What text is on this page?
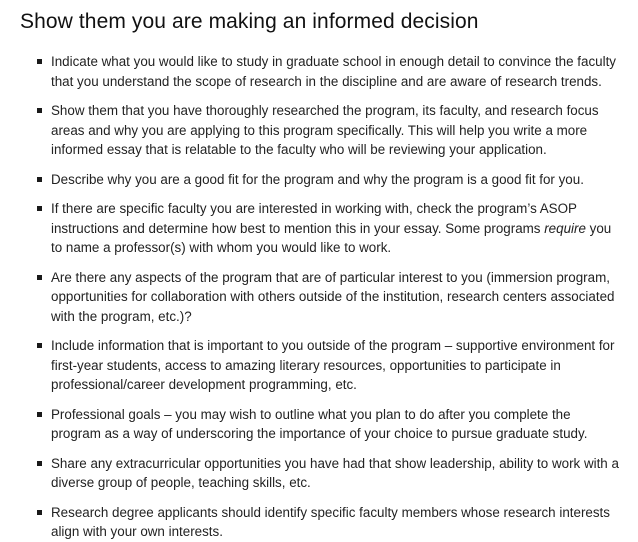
Show them you are making an informed decision
Indicate what you would like to study in graduate school in enough detail to convince the faculty that you understand the scope of research in the discipline and are aware of research trends.
Show them that you have thoroughly researched the program, its faculty, and research focus areas and why you are applying to this program specifically. This will help you write a more informed essay that is relatable to the faculty who will be reviewing your application.
Describe why you are a good fit for the program and why the program is a good fit for you.
If there are specific faculty you are interested in working with, check the program’s ASOP instructions and determine how best to mention this in your essay. Some programs require you to name a professor(s) with whom you would like to work.
Are there any aspects of the program that are of particular interest to you (immersion program, opportunities for collaboration with others outside of the institution, research centers associated with the program, etc.)?
Include information that is important to you outside of the program – supportive environment for first-year students, access to amazing literary resources, opportunities to participate in professional/career development programming, etc.
Professional goals – you may wish to outline what you plan to do after you complete the program as a way of underscoring the importance of your choice to pursue graduate study.
Share any extracurricular opportunities you have had that show leadership, ability to work with a diverse group of people, teaching skills, etc.
Research degree applicants should identify specific faculty members whose research interests align with your own interests.
